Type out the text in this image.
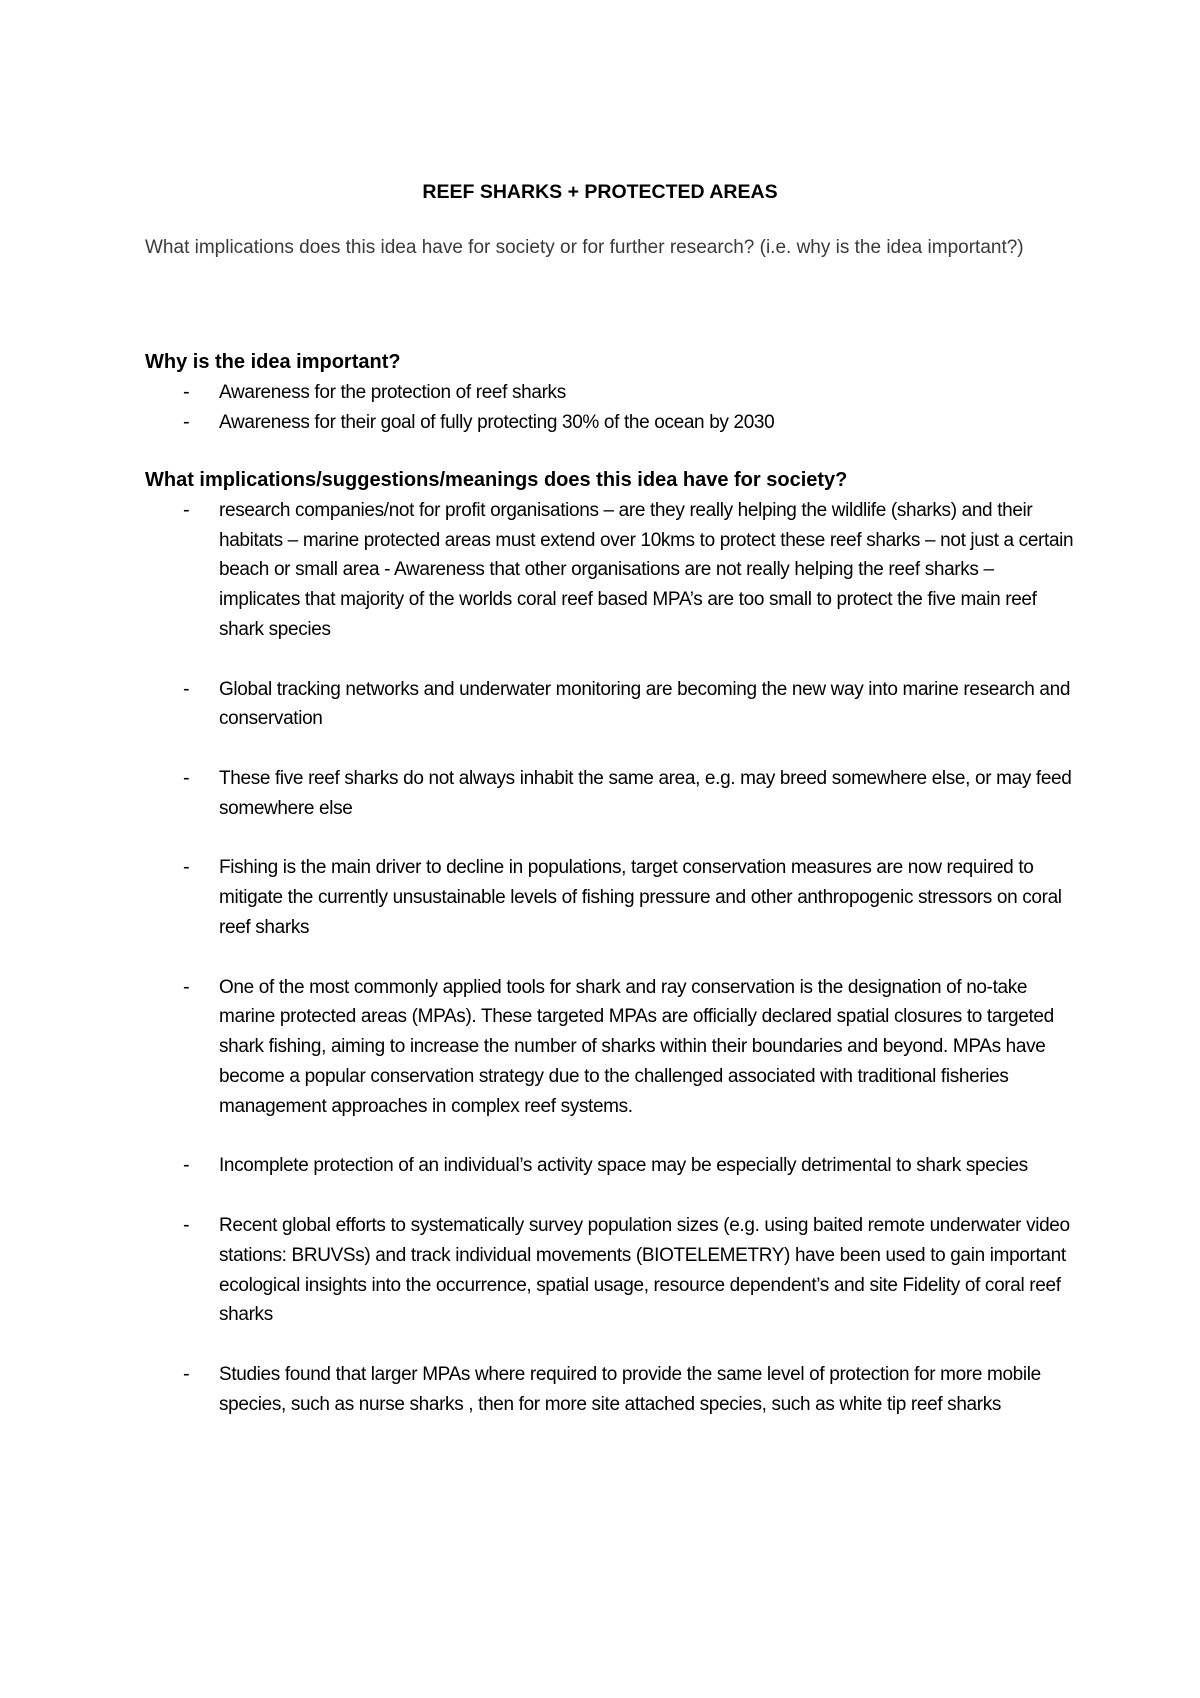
REEF SHARKS + PROTECTED AREAS

What implications does this idea have for society or for further research? (i.e. why is the idea important?)

Why is the idea important?
- Awareness for the protection of reef sharks
- Awareness for their goal of fully protecting 30% of the ocean by 2030
What implications/suggestions/meanings does this idea have for society?
- research companies/not for profit organisations – are they really helping the wildlife (sharks) and their habitats – marine protected areas must extend over 10kms to protect these reef sharks – not just a certain beach or small area - Awareness that other organisations are not really helping the reef sharks – implicates that majority of the worlds coral reef based MPA’s are too small to protect the five main reef shark species
- Global tracking networks and underwater monitoring are becoming the new way into marine research and conservation
- These five reef sharks do not always inhabit the same area, e.g. may breed somewhere else, or may feed somewhere else
- Fishing is the main driver to decline in populations, target conservation measures are now required to mitigate the currently unsustainable levels of fishing pressure and other anthropogenic stressors on coral reef sharks
- One of the most commonly applied tools for shark and ray conservation is the designation of no-take marine protected areas (MPAs). These targeted MPAs are officially declared spatial closures to targeted shark fishing, aiming to increase the number of sharks within their boundaries and beyond. MPAs have become a popular conservation strategy due to the challenged associated with traditional fisheries management approaches in complex reef systems.
- Incomplete protection of an individual’s activity space may be especially detrimental to shark species
- Recent global efforts to systematically survey population sizes (e.g. using baited remote underwater video stations: BRUVSs) and track individual movements (BIOTELEMETRY) have been used to gain important ecological insights into the occurrence, spatial usage, resource dependent’s and site Fidelity of coral reef sharks
- Studies found that larger MPAs where required to provide the same level of protection for more mobile species, such as nurse sharks , then for more site attached species, such as white tip reef sharks
